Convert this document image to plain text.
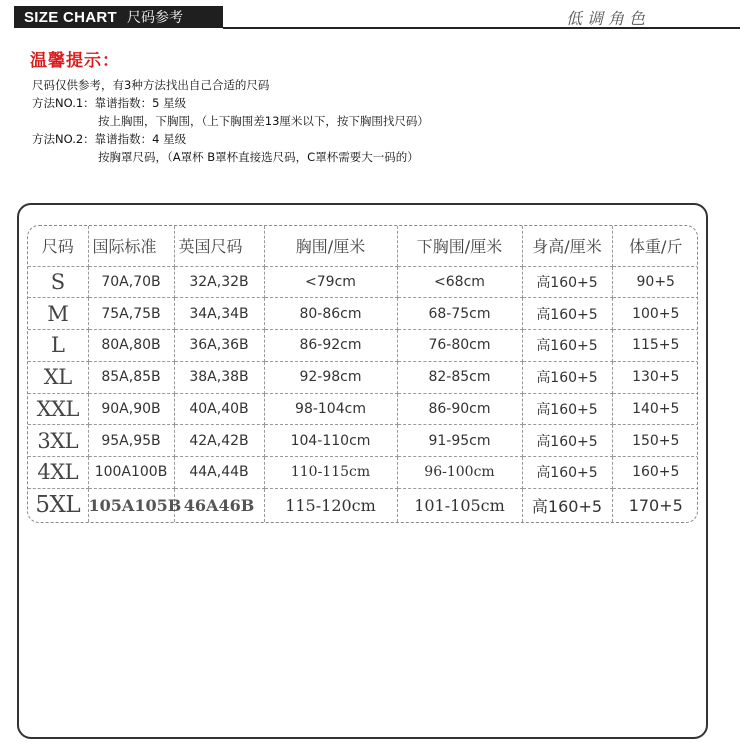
SIZE CHART 尺码参考	低调角色
温馨提示：
尺码仅供参考，有3种方法找出自己合适的尺码
方法NO.1：靠谱指数：5 星级
按上胸围，下胸围，（上下胸围差13厘米以下，按下胸围找尺码）
方法NO.2：靠谱指数：4 星级
按胸罩尺码，（A罩杯 B罩杯直接选尺码，C罩杯需要大一码的）
尺码	国际标准	英国尺码	胸围/厘米	下胸围/厘米	身高/厘米	体重/斤
S	70A,70B	32A,32B	<79cm	<68cm	高160+5	90+5
M	75A,75B	34A,34B	80-86cm	68-75cm	高160+5	100+5
L	80A,80B	36A,36B	86-92cm	76-80cm	高160+5	115+5
XL	85A,85B	38A,38B	92-98cm	82-85cm	高160+5	130+5
XXL	90A,90B	40A,40B	98-104cm	86-90cm	高160+5	140+5
3XL	95A,95B	42A,42B	104-110cm	91-95cm	高160+5	150+5
4XL	100A100B	44A,44B	110-115cm	96-100cm	高160+5	160+5
5XL	105A105B	46A46B	115-120cm	101-105cm	高160+5	170+5
